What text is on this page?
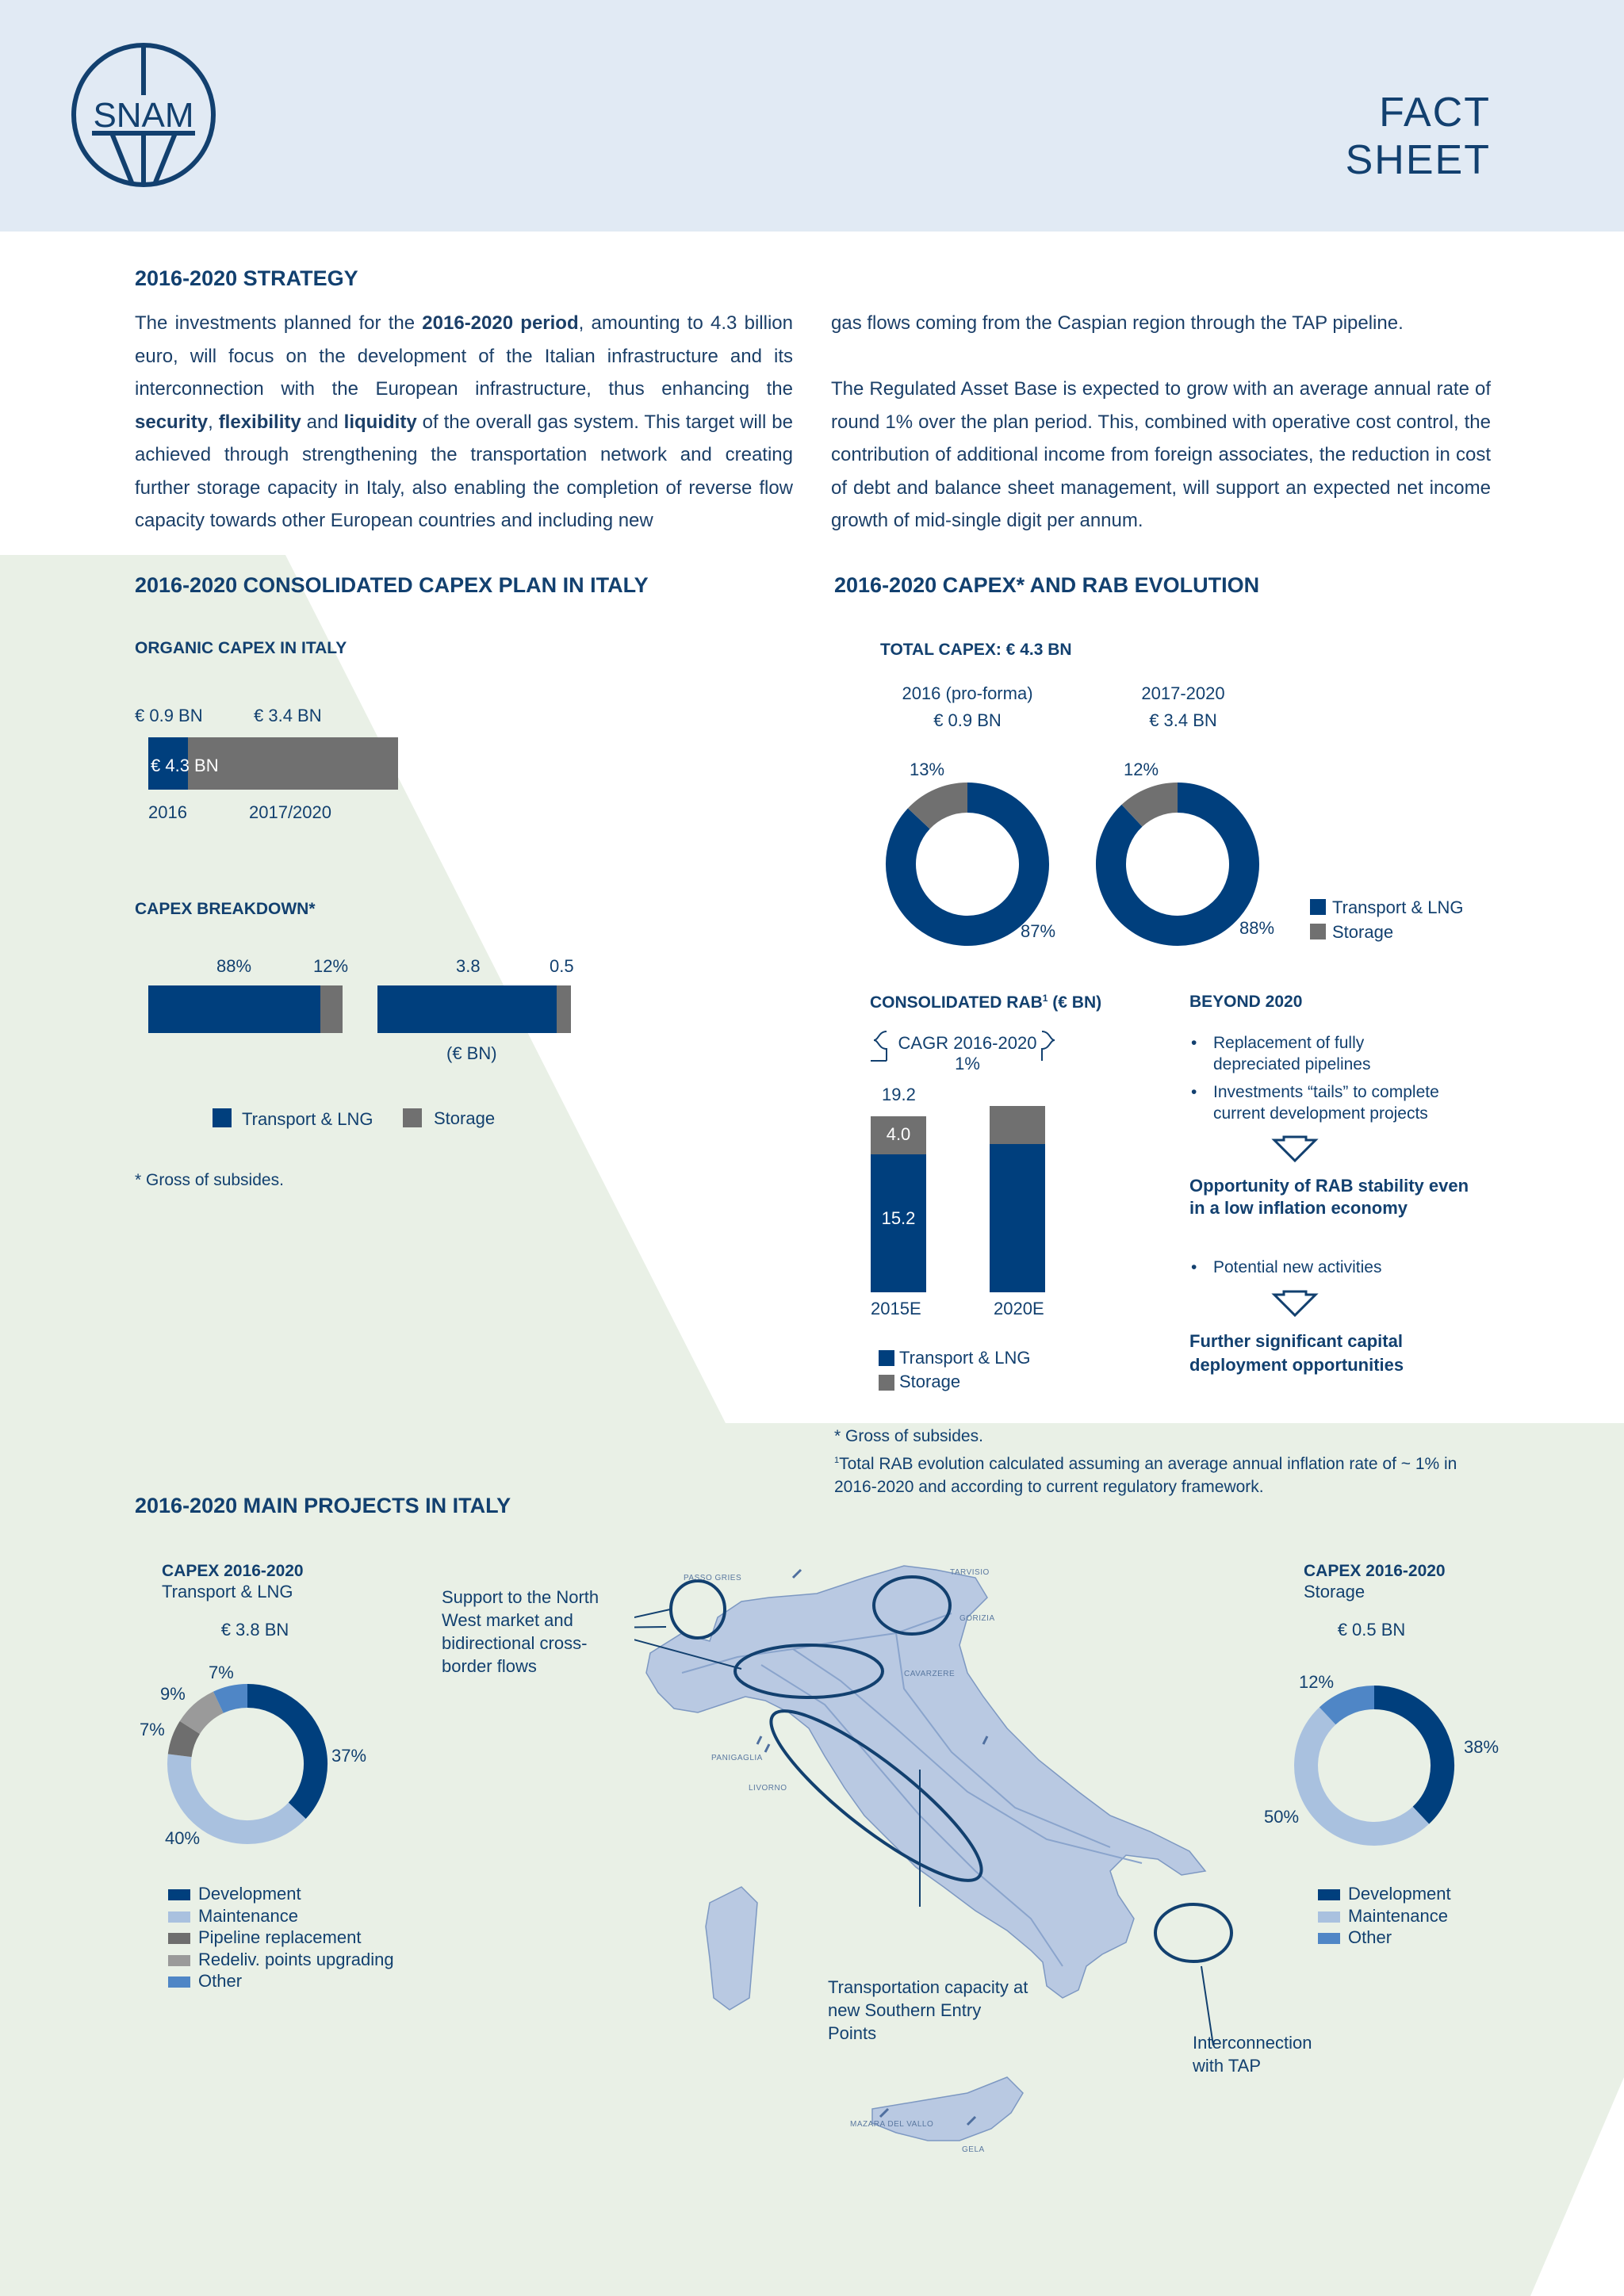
SNAM	FACT SHEET
2016-2020 STRATEGY
The investments planned for the 2016-2020 period, amounting to 4.3 billion euro, will focus on the development of the Italian infrastructure and its interconnection with the European infrastructure, thus enhancing the security, flexibility and liquidity of the overall gas system. This target will be achieved through strengthening the transportation network and creating further storage capacity in Italy, also enabling the completion of reverse flow capacity towards other European countries and including new
gas flows coming from the Caspian region through the TAP pipeline.
The Regulated Asset Base is expected to grow with an average annual rate of round 1% over the plan period. This, combined with operative cost control, the contribution of additional income from foreign associates, the reduction in cost of debt and balance sheet management, will support an expected net income growth of mid-single digit per annum.
2016-2020 CONSOLIDATED CAPEX PLAN IN ITALY
ORGANIC CAPEX IN ITALY
€ 0.9 BN	€ 3.4 BN
€ 4.3 BN
2016	2017/2020
CAPEX BREAKDOWN*
88%	12%	3.8	0.5
(€ BN)
Transport & LNG	Storage
* Gross of subsides.
2016-2020 CAPEX* AND RAB EVOLUTION
TOTAL CAPEX: € 4.3 BN
2016 (pro-forma)
€ 0.9 BN
2017-2020
€ 3.4 BN
13%
87%
12%
88%
Transport & LNG
Storage
CONSOLIDATED RAB$^1$ (€ BN)
CAGR 2016-2020
1%
19.2
4.0
15.2
2015E	2020E
Transport & LNG
Storage
BEYOND 2020
• Replacement of fully depreciated pipelines
• Investments “tails” to complete current development projects
Opportunity of RAB stability even in a low inflation economy
• Potential new activities
Further significant capital deployment opportunities
* Gross of subsides.
$^1$Total RAB evolution calculated assuming an average annual inflation rate of ~ 1% in 2016-2020 and according to current regulatory framework.
2016-2020 MAIN PROJECTS IN ITALY
CAPEX 2016-2020
Transport & LNG
€ 3.8 BN
7%
9%
7%
37%
40%
Development
Maintenance
Pipeline replacement
Redeliv. points upgrading
Other
CAPEX 2016-2020
Storage
€ 0.5 BN
12%
38%
50%
Development
Maintenance
Other
PASSO GRIES
TARVISIO
GORIZIA
CAVARZERE
PANIGAGLIA
LIVORNO
MAZARA DEL VALLO
GELA
Support to the North West market and bidirectional cross-border flows
Transportation capacity at new Southern Entry Points	Interconnection with TAP
